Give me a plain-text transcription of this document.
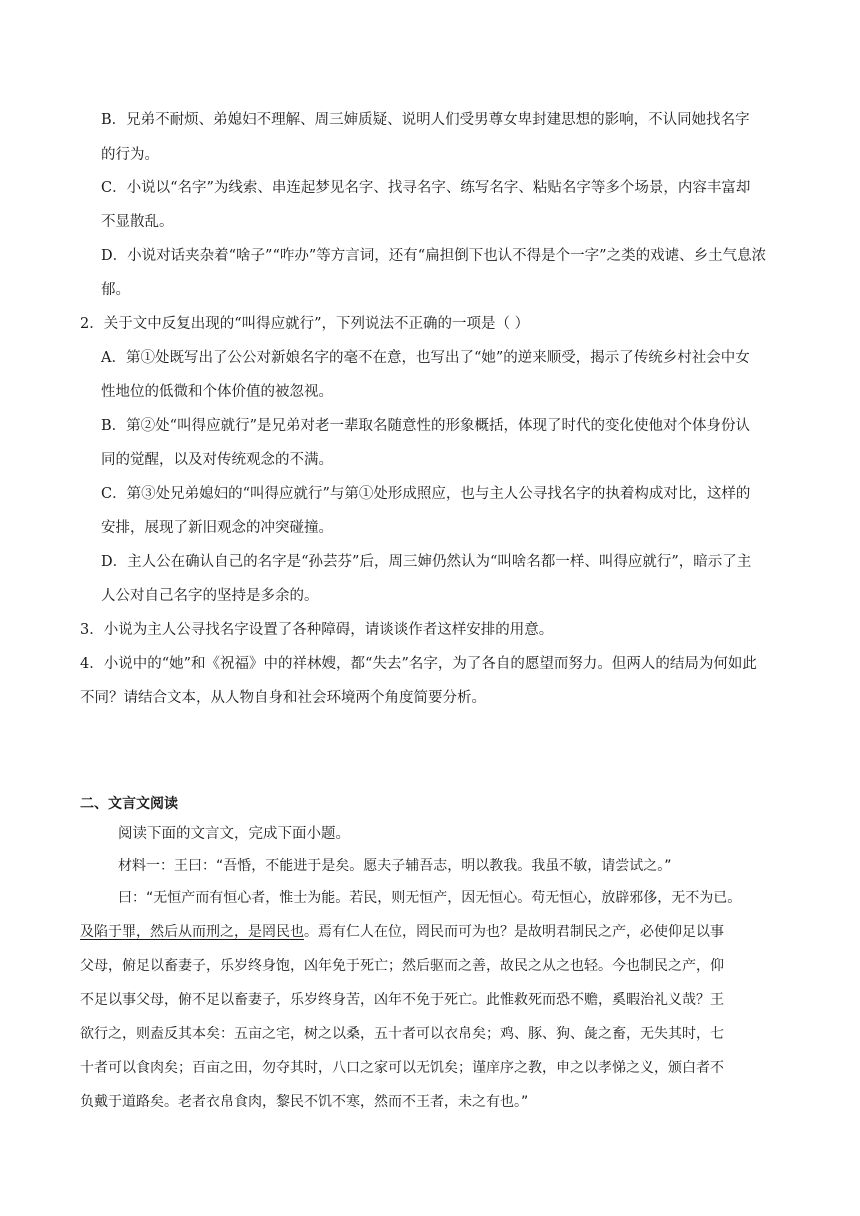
B．兄弟不耐烦、弟媳妇不理解、周三婶质疑、说明人们受男尊女卑封建思想的影响，不认同她找名字
的行为。
C．小说以“名字”为线索、串连起梦见名字、找寻名字、练写名字、粘贴名字等多个场景，内容丰富却
不显散乱。
D．小说对话夹杂着“啥子”“咋办”等方言词，还有“扁担倒下也认不得是个一字”之类的戏谑、乡土气息浓
郁。
2．关于文中反复出现的“叫得应就行”，下列说法不正确的一项是（ ）
A．第①处既写出了公公对新娘名字的毫不在意，也写出了“她”的逆来顺受，揭示了传统乡村社会中女
性地位的低微和个体价值的被忽视。
B．第②处“叫得应就行”是兄弟对老一辈取名随意性的形象概括，体现了时代的变化使他对个体身份认
同的觉醒，以及对传统观念的不满。
C．第③处兄弟媳妇的“叫得应就行”与第①处形成照应，也与主人公寻找名字的执着构成对比，这样的
安排，展现了新旧观念的冲突碰撞。
D．主人公在确认自己的名字是“孙芸芬”后，周三婶仍然认为“叫啥名都一样、叫得应就行”，暗示了主
人公对自己名字的坚持是多余的。
3．小说为主人公寻找名字设置了各种障碍，请谈谈作者这样安排的用意。
4．小说中的“她”和《祝福》中的祥林嫂，都“失去”名字，为了各自的愿望而努力。但两人的结局为何如此
不同？请结合文本，从人物自身和社会环境两个角度简要分析。
二、文言文阅读
阅读下面的文言文，完成下面小题。
材料一：王曰：“吾惛，不能进于是矣。愿夫子辅吾志，明以教我。我虽不敏，请尝试之。”
曰：“无恒产而有恒心者，惟士为能。若民，则无恒产，因无恒心。苟无恒心，放辟邪侈，无不为已。
及陷于罪，然后从而刑之，是罔民也。焉有仁人在位，罔民而可为也？是故明君制民之产，必使仰足以事
父母，俯足以畜妻子，乐岁终身饱，凶年免于死亡；然后驱而之善，故民之从之也轻。今也制民之产，仰
不足以事父母，俯不足以畜妻子，乐岁终身苦，凶年不免于死亡。此惟救死而恐不赡，奚暇治礼义哉？王
欲行之，则盍反其本矣：五亩之宅，树之以桑，五十者可以衣帛矣；鸡、豚、狗、彘之畜，无失其时，七
十者可以食肉矣；百亩之田，勿夺其时，八口之家可以无饥矣；谨庠序之教，申之以孝悌之义，颁白者不
负戴于道路矣。老者衣帛食肉，黎民不饥不寒，然而不王者，未之有也。”
